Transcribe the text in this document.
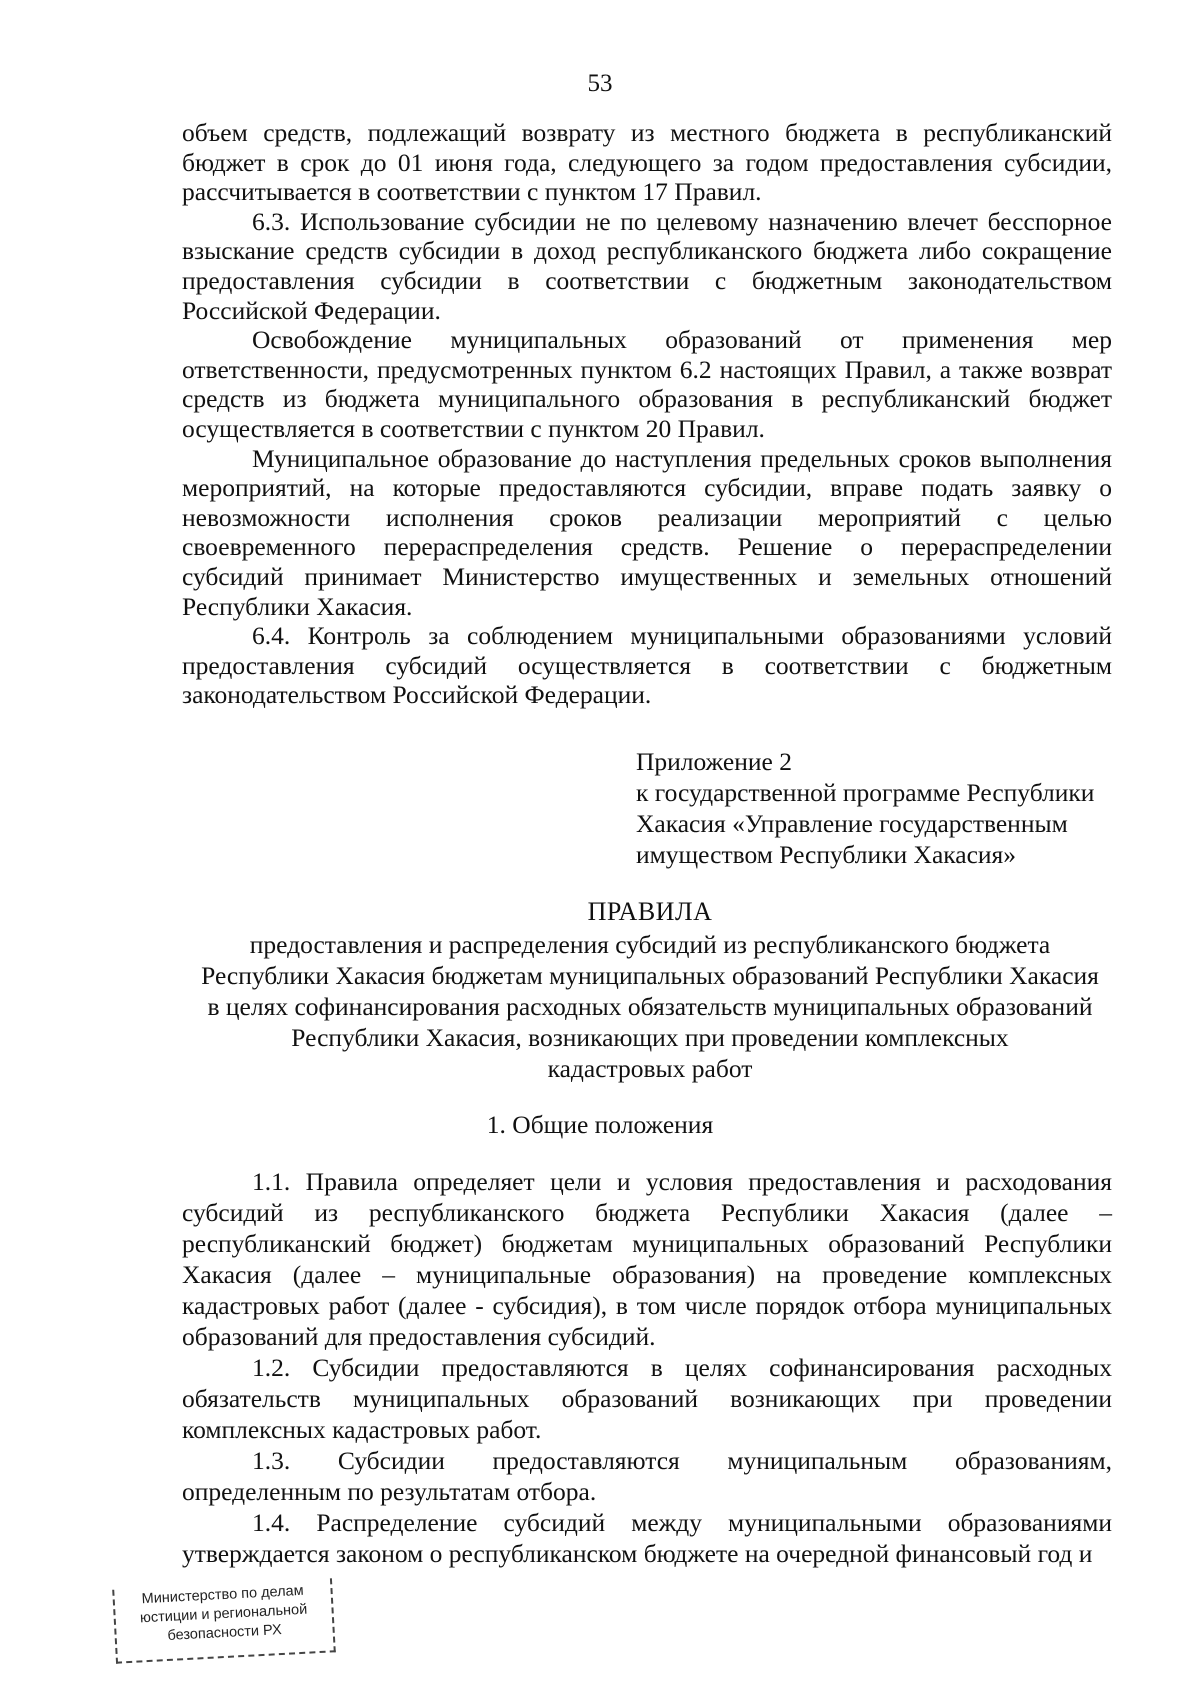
53

объем средств, подлежащий возврату из местного бюджета в республиканский бюджет в срок до 01 июня года, следующего за годом предоставления субсидии, рассчитывается в соответствии с пунктом 17 Правил.

6.3. Использование субсидии не по целевому назначению влечет бесспорное взыскание средств субсидии в доход республиканского бюджета либо сокращение предоставления субсидии в соответствии с бюджетным законодательством Российской Федерации.

Освобождение муниципальных образований от применения мер ответственности, предусмотренных пунктом 6.2 настоящих Правил, а также возврат средств из бюджета муниципального образования в республиканский бюджет осуществляется в соответствии с пунктом 20 Правил.

Муниципальное образование до наступления предельных сроков выполнения мероприятий, на которые предоставляются субсидии, вправе подать заявку о невозможности исполнения сроков реализации мероприятий с целью своевременного перераспределения средств. Решение о перераспределении субсидий принимает Министерство имущественных и земельных отношений Республики Хакасия.

6.4. Контроль за соблюдением муниципальными образованиями условий предоставления субсидий осуществляется в соответствии с бюджетным законодательством Российской Федерации.

Приложение 2
к государственной программе Республики
Хакасия «Управление государственным
имуществом Республики Хакасия»
ПРАВИЛА
предоставления и распределения субсидий из республиканского бюджета
Республики Хакасия бюджетам муниципальных образований Республики Хакасия
в целях софинансирования расходных обязательств муниципальных образований
Республики Хакасия, возникающих при проведении комплексных
кадастровых работ
1. Общие положения

1.1. Правила определяет цели и условия предоставления и расходования субсидий из республиканского бюджета Республики Хакасия (далее – республиканский бюджет) бюджетам муниципальных образований Республики Хакасия (далее – муниципальные образования) на проведение комплексных кадастровых работ (далее - субсидия), в том числе порядок отбора муниципальных образований для предоставления субсидий.

1.2. Субсидии предоставляются в целях софинансирования расходных обязательств муниципальных образований возникающих при проведении комплексных кадастровых работ.

1.3. Субсидии предоставляются муниципальным образованиям, определенным по результатам отбора.

1.4. Распределение субсидий между муниципальными образованиями утверждается законом о республиканском бюджете на очередной финансовый год и

Министерство по делам
юстиции и региональной
безопасности РХ
